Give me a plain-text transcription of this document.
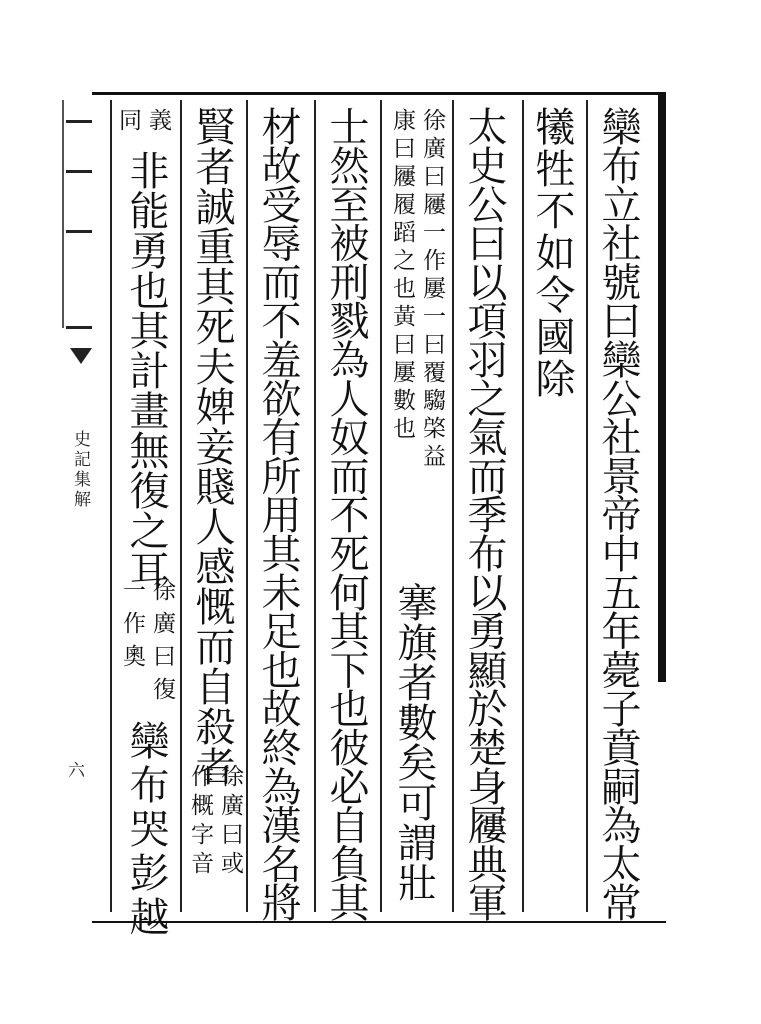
欒布立社號曰欒公社景帝中五年薨子賁嗣為太常
犧牲不如令國除
太史公曰以項羽之氣而季布以勇顯於楚身屨典軍
徐廣曰屨一作屢一曰覆騶棨益
康曰屨履蹈之也黃曰屢數也
搴旗者數矣可謂壯
士然至被刑戮為人奴而不死何其下也彼必自負其
材故受辱而不羞欲有所用其未足也故終為漢名將
賢者誠重其死夫婢妾賤人感慨而自殺者
徐廣曰或
作概字音
義
同
非能勇也其計畫無復之耳
徐廣曰復
一作奧
欒布哭彭越
史記集解
六
